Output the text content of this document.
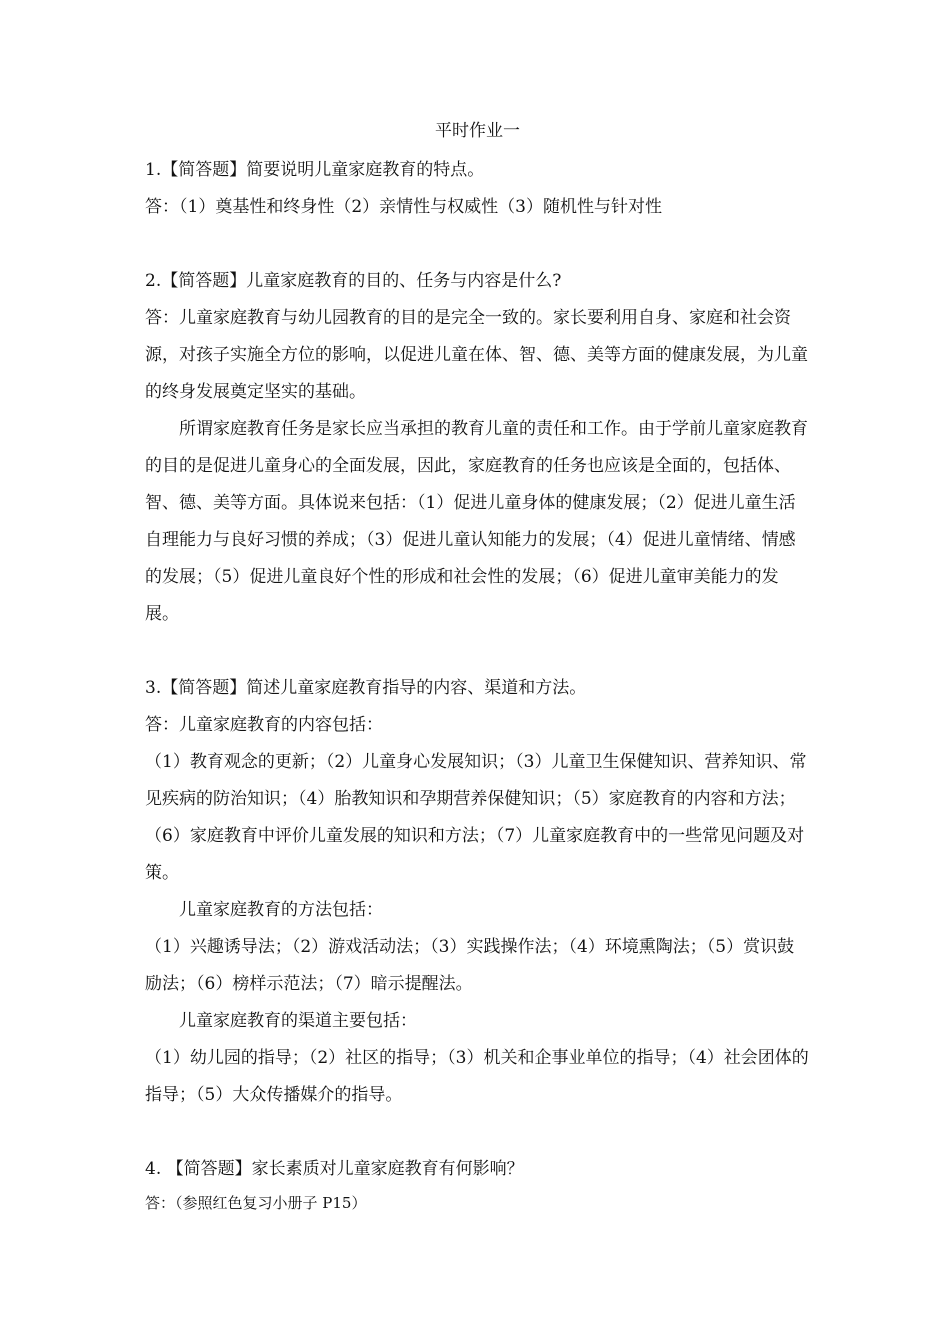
平时作业一

1.【简答题】简要说明儿童家庭教育的特点。

答：（1）奠基性和终身性（2）亲情性与权威性（3）随机性与针对性

2.【简答题】儿童家庭教育的目的、任务与内容是什么?

答：儿童家庭教育与幼儿园教育的目的是完全一致的。家长要利用自身、家庭和社会资源，对孩子实施全方位的影响，以促进儿童在体、智、德、美等方面的健康发展，为儿童的终身发展奠定坚实的基础。

所谓家庭教育任务是家长应当承担的教育儿童的责任和工作。由于学前儿童家庭教育的目的是促进儿童身心的全面发展，因此，家庭教育的任务也应该是全面的，包括体、智、德、美等方面。具体说来包括：（1）促进儿童身体的健康发展；（2）促进儿童生活自理能力与良好习惯的养成；（3）促进儿童认知能力的发展；（4）促进儿童情绪、情感的发展；（5）促进儿童良好个性的形成和社会性的发展；（6）促进儿童审美能力的发展。

3.【简答题】简述儿童家庭教育指导的内容、渠道和方法。

答：儿童家庭教育的内容包括：

（1）教育观念的更新；（2）儿童身心发展知识；（3）儿童卫生保健知识、营养知识、常见疾病的防治知识；（4）胎教知识和孕期营养保健知识；（5）家庭教育的内容和方法；（6）家庭教育中评价儿童发展的知识和方法；（7）儿童家庭教育中的一些常见问题及对策。

儿童家庭教育的方法包括：

（1）兴趣诱导法；（2）游戏活动法；（3）实践操作法；（4）环境熏陶法；（5）赏识鼓励法；（6）榜样示范法；（7）暗示提醒法。

儿童家庭教育的渠道主要包括：

（1）幼儿园的指导；（2）社区的指导；（3）机关和企事业单位的指导；（4）社会团体的指导；（5）大众传播媒介的指导。

4. 【简答题】家长素质对儿童家庭教育有何影响？

答：（参照红色复习小册子 P15）
